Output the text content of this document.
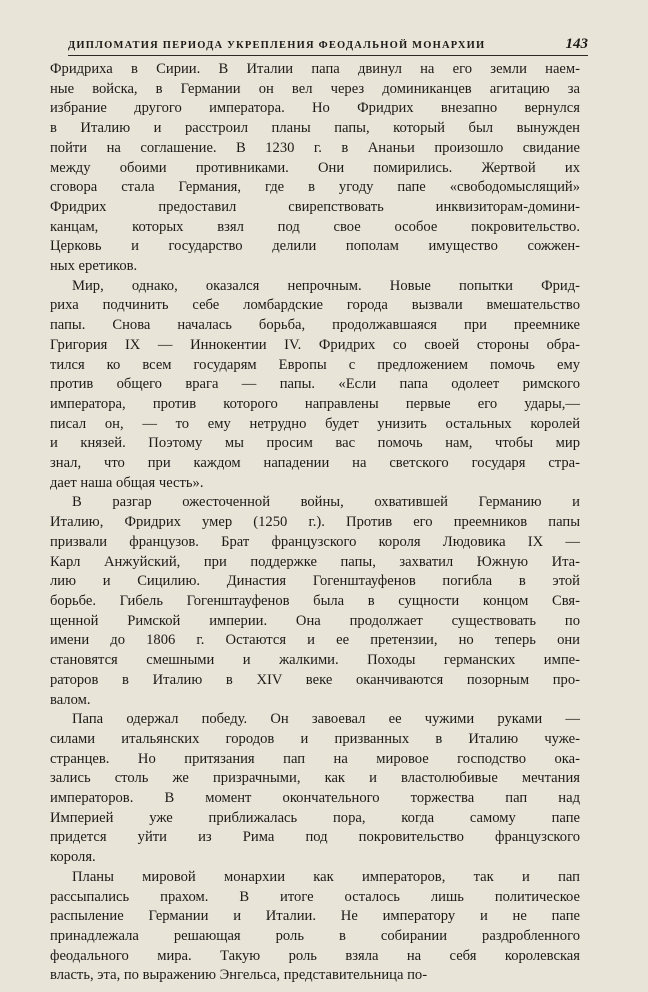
ДИПЛОМАТИЯ ПЕРИОДА УКРЕПЛЕНИЯ ФЕОДАЛЬНОЙ МОНАРХИИ	143

Фридриха в Сирии. В Италии папа двинул на его земли наем-
ные войска, в Германии он вел через доминиканцев агитацию за
избрание другого императора. Но Фридрих внезапно вернулся
в Италию и расстроил планы папы, который был вынужден
пойти на соглашение. В 1230 г. в Ананьи произошло свидание
между обоими противниками. Они помирились. Жертвой их
сговора стала Германия, где в угоду папе «свободомыслящий»
Фридрих предоставил свирепствовать инквизиторам-домини-
канцам, которых взял под свое особое покровительство.
Церковь и государство делили пополам имущество сожжен-
ных еретиков.

Мир, однако, оказался непрочным. Новые попытки Фрид-
риха подчинить себе ломбардские города вызвали вмешательство
папы. Снова началась борьба, продолжавшаяся при преемнике
Григория IX — Иннокентии IV. Фридрих со своей стороны обра-
тился ко всем государям Европы с предложением помочь ему
против общего врага — папы. «Если папа одолеет римского
императора, против которого направлены первые его удары,—
писал он, — то ему нетрудно будет унизить остальных королей
и князей. Поэтому мы просим вас помочь нам, чтобы мир
знал, что при каждом нападении на светского государя стра-
дает наша общая честь».

В разгар ожесточенной войны, охватившей Германию и
Италию, Фридрих умер (1250 г.). Против его преемников папы
призвали французов. Брат французского короля Людовика IX —
Карл Анжуйский, при поддержке папы, захватил Южную Ита-
лию и Сицилию. Династия Гогенштауфенов погибла в этой
борьбе. Гибель Гогенштауфенов была в сущности концом Свя-
щенной Римской империи. Она продолжает существовать по
имени до 1806 г. Остаются и ее претензии, но теперь они
становятся смешными и жалкими. Походы германских импе-
раторов в Италию в XIV веке оканчиваются позорным про-
валом.

Папа одержал победу. Он завоевал ее чужими руками —
силами итальянских городов и призванных в Италию чуже-
странцев. Но притязания пап на мировое господство ока-
зались столь же призрачными, как и властолюбивые мечтания
императоров. В момент окончательного торжества пап над
Империей уже приближалась пора, когда самому папе
придется уйти из Рима под покровительство французского
короля.

Планы мировой монархии как императоров, так и пап
рассыпались прахом. В итоге осталось лишь политическое
распыление Германии и Италии. Не императору и не папе
принадлежала решающая роль в собирании раздробленного
феодального мира. Такую роль взяла на себя королевская
власть, эта, по выражению Энгельса, представительница по-
